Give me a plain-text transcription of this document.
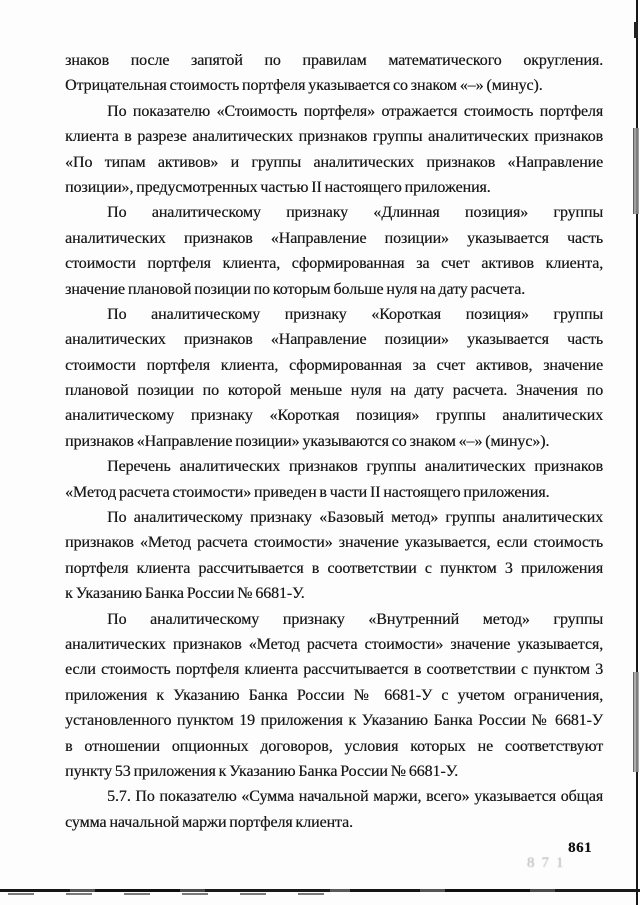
знаков после запятой по правилам математического округления.
Отрицательная стоимость портфеля указывается со знаком «–» (минус).
По показателю «Стоимость портфеля» отражается стоимость портфеля
клиента в разрезе аналитических признаков группы аналитических признаков
«По типам активов» и группы аналитических признаков «Направление
позиции», предусмотренных частью II настоящего приложения.
По аналитическому признаку «Длинная позиция» группы
аналитических признаков «Направление позиции» указывается часть
стоимости портфеля клиента, сформированная за счет активов клиента,
значение плановой позиции по которым больше нуля на дату расчета.
По аналитическому признаку «Короткая позиция» группы
аналитических признаков «Направление позиции» указывается часть
стоимости портфеля клиента, сформированная за счет активов, значение
плановой позиции по которой меньше нуля на дату расчета. Значения по
аналитическому признаку «Короткая позиция» группы аналитических
признаков «Направление позиции» указываются со знаком «–» (минус»).
Перечень аналитических признаков группы аналитических признаков
«Метод расчета стоимости» приведен в части II настоящего приложения.
По аналитическому признаку «Базовый метод» группы аналитических
признаков «Метод расчета стоимости» значение указывается, если стоимость
портфеля клиента рассчитывается в соответствии с пунктом 3 приложения
к Указанию Банка России № 6681-У.
По аналитическому признаку «Внутренний метод» группы
аналитических признаков «Метод расчета стоимости» значение указывается,
если стоимость портфеля клиента рассчитывается в соответствии с пунктом 3
приложения к Указанию Банка России № 6681-У с учетом ограничения,
установленного пунктом 19 приложения к Указанию Банка России № 6681-У
в отношении опционных договоров, условия которых не соответствуют
пункту 53 приложения к Указанию Банка России № 6681-У.
5.7. По показателю «Сумма начальной маржи, всего» указывается общая
сумма начальной маржи портфеля клиента.
861
871
